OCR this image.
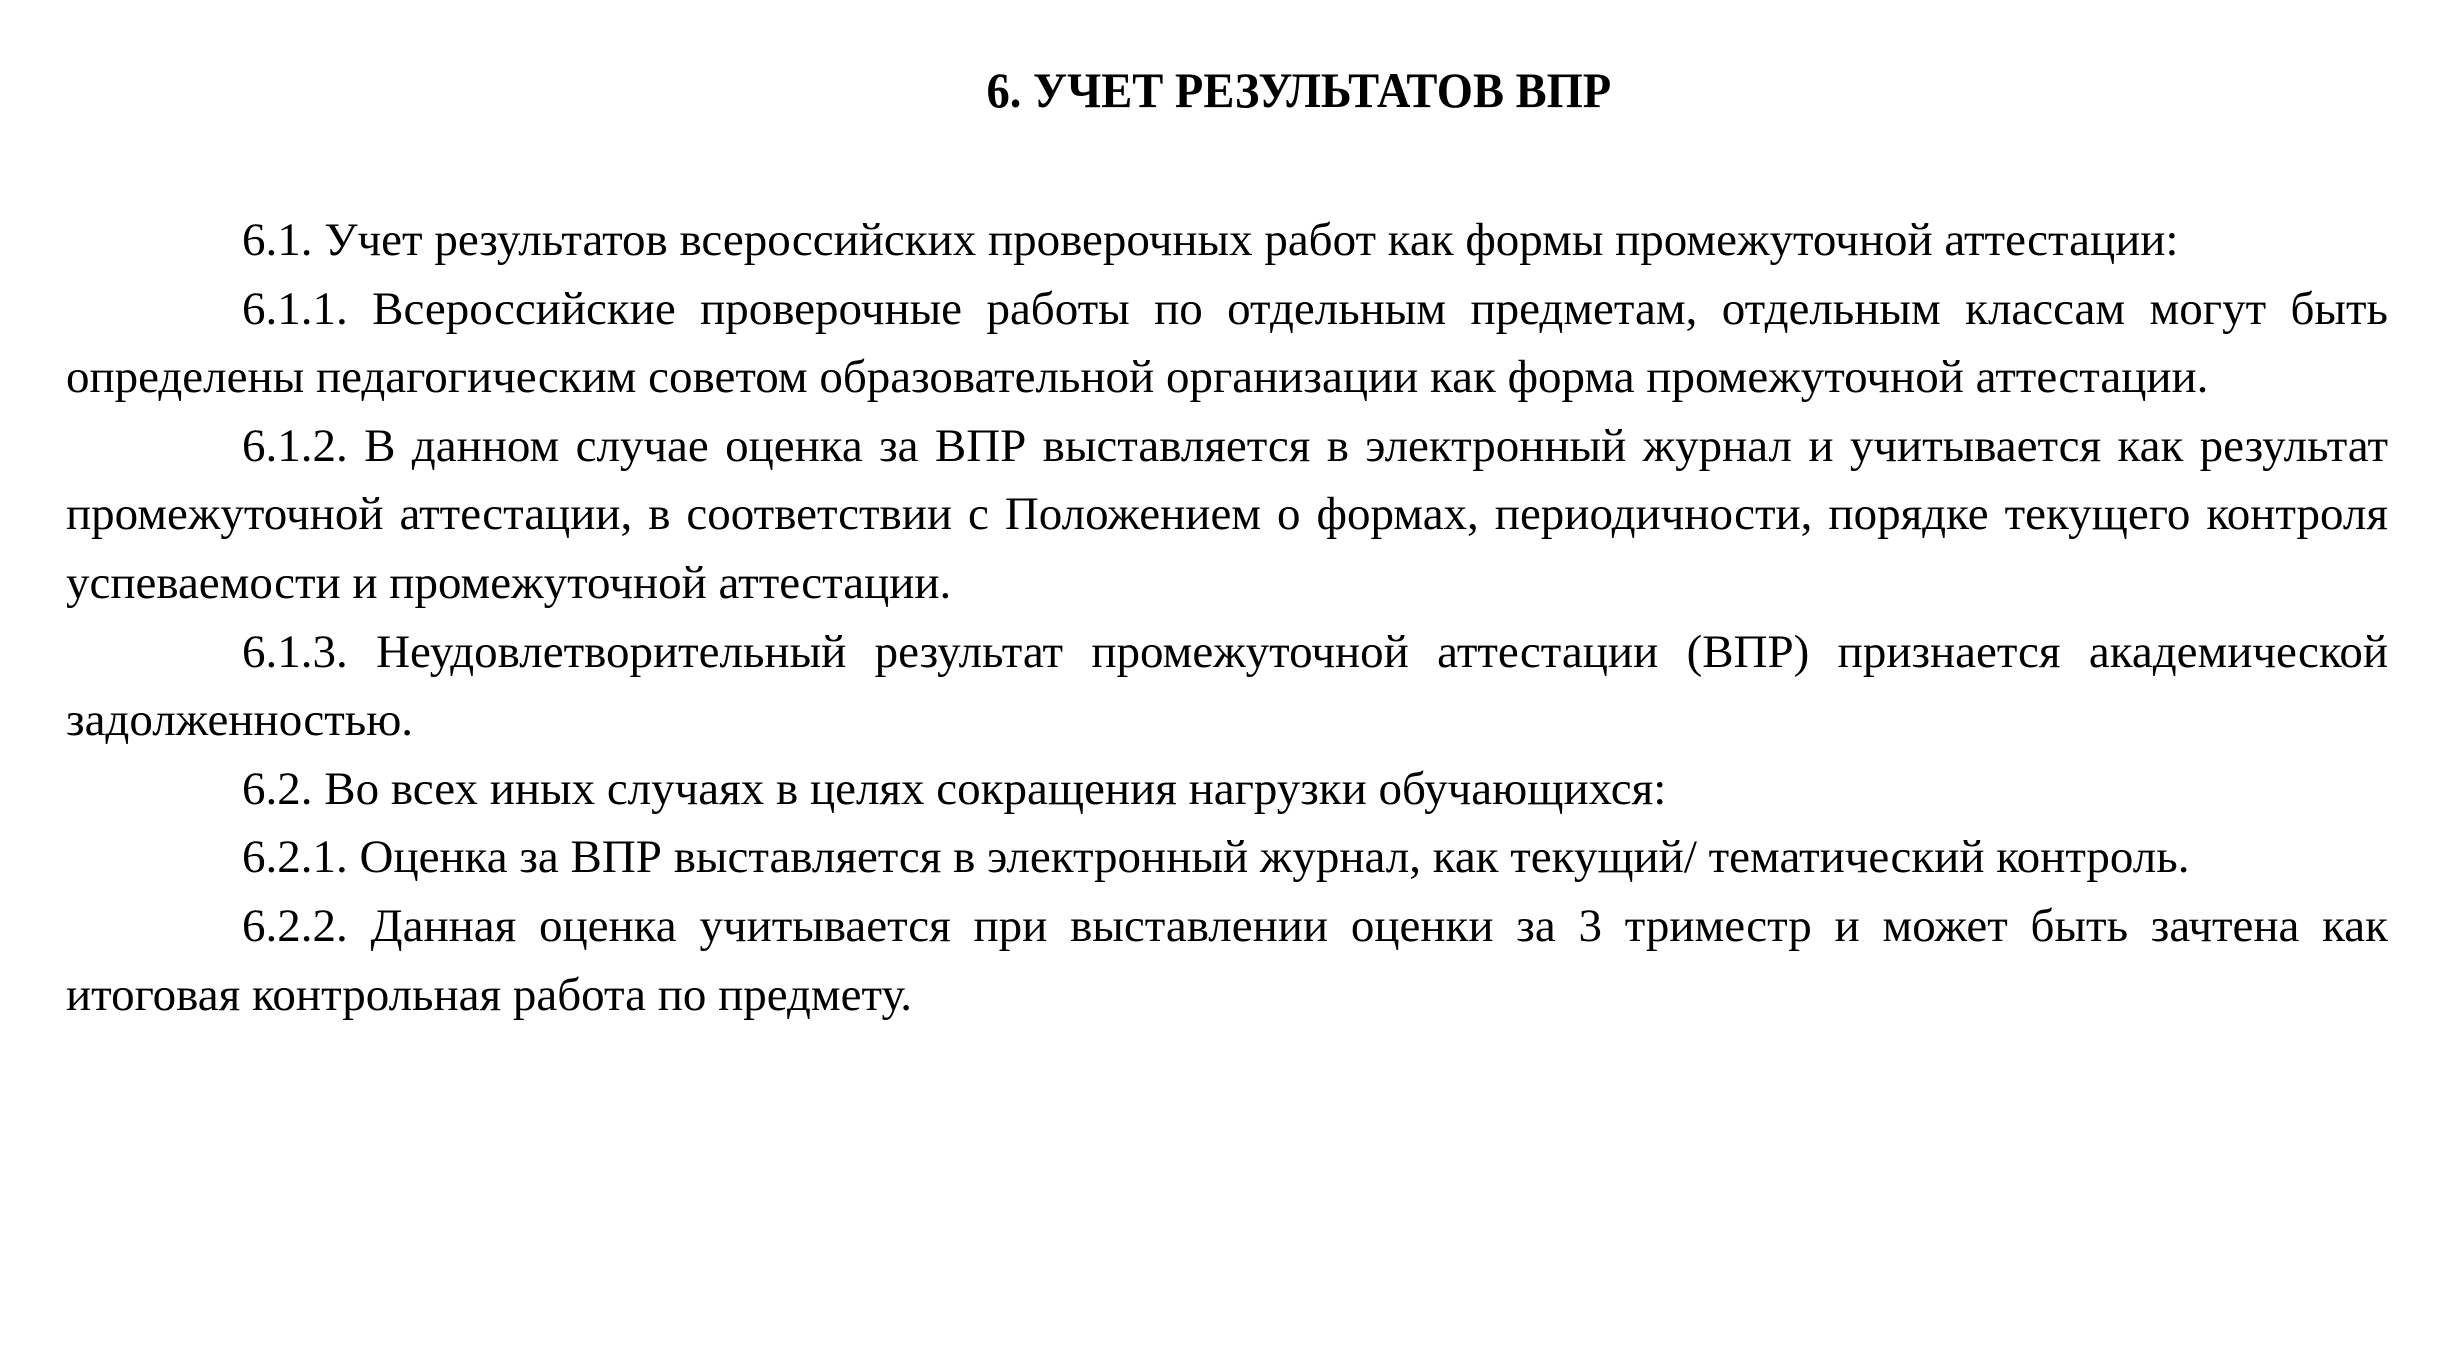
6. УЧЕТ РЕЗУЛЬТАТОВ ВПР

6.1. Учет результатов всероссийских проверочных работ как формы промежуточной аттестации:

6.1.1. Всероссийские проверочные работы по отдельным предметам, отдельным классам могут быть определены педагогическим советом образовательной организации как форма промежуточной аттестации.

6.1.2. В данном случае оценка за ВПР выставляется в электронный журнал и учитывается как результат промежуточной аттестации, в соответствии с Положением о формах, периодичности, порядке текущего контроля успеваемости и промежуточной аттестации.

6.1.3. Неудовлетворительный результат промежуточной аттестации (ВПР) признается академической задолженностью.

6.2. Во всех иных случаях в целях сокращения нагрузки обучающихся:

6.2.1. Оценка за ВПР выставляется в электронный журнал, как текущий/ тематический контроль.

6.2.2. Данная оценка учитывается при выставлении оценки за 3 триместр и может быть зачтена как итоговая контрольная работа по предмету.
